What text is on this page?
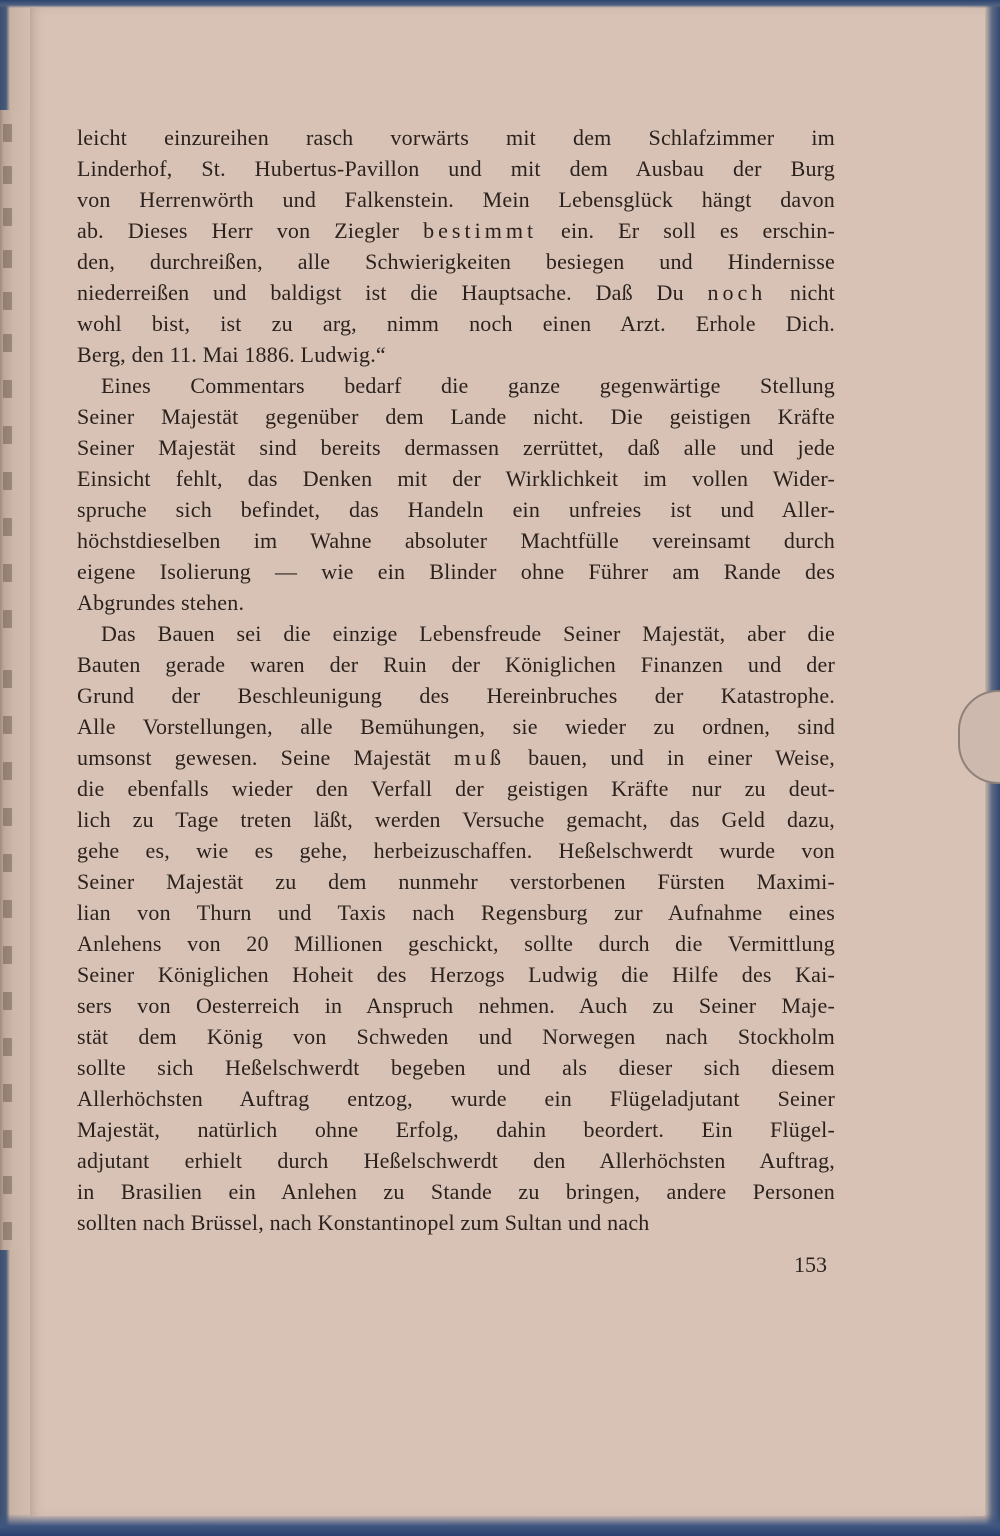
leicht einzureihen rasch vorwärts mit dem Schlafzimmer im
Linderhof, St. Hubertus-Pavillon und mit dem Ausbau der Burg
von Herrenwörth und Falkenstein. Mein Lebensglück hängt davon
ab. Dieses Herr von Ziegler bestimmt ein. Er soll es erschin-
den, durchreißen, alle Schwierigkeiten besiegen und Hindernisse
niederreißen und baldigst ist die Hauptsache. Daß Du noch nicht
wohl bist, ist zu arg, nimm noch einen Arzt. Erhole Dich.
Berg, den 11. Mai 1886. Ludwig.“
Eines Commentars bedarf die ganze gegenwärtige Stellung
Seiner Majestät gegenüber dem Lande nicht. Die geistigen Kräfte
Seiner Majestät sind bereits dermassen zerrüttet, daß alle und jede
Einsicht fehlt, das Denken mit der Wirklichkeit im vollen Wider-
spruche sich befindet, das Handeln ein unfreies ist und Aller-
höchstdieselben im Wahne absoluter Machtfülle vereinsamt durch
eigene Isolierung — wie ein Blinder ohne Führer am Rande des
Abgrundes stehen.
Das Bauen sei die einzige Lebensfreude Seiner Majestät, aber die
Bauten gerade waren der Ruin der Königlichen Finanzen und der
Grund der Beschleunigung des Hereinbruches der Katastrophe.
Alle Vorstellungen, alle Bemühungen, sie wieder zu ordnen, sind
umsonst gewesen. Seine Majestät muß bauen, und in einer Weise,
die ebenfalls wieder den Verfall der geistigen Kräfte nur zu deut-
lich zu Tage treten läßt, werden Versuche gemacht, das Geld dazu,
gehe es, wie es gehe, herbeizuschaffen. Heßelschwerdt wurde von
Seiner Majestät zu dem nunmehr verstorbenen Fürsten Maximi-
lian von Thurn und Taxis nach Regensburg zur Aufnahme eines
Anlehens von 20 Millionen geschickt, sollte durch die Vermittlung
Seiner Königlichen Hoheit des Herzogs Ludwig die Hilfe des Kai-
sers von Oesterreich in Anspruch nehmen. Auch zu Seiner Maje-
stät dem König von Schweden und Norwegen nach Stockholm
sollte sich Heßelschwerdt begeben und als dieser sich diesem
Allerhöchsten Auftrag entzog, wurde ein Flügeladjutant Seiner
Majestät, natürlich ohne Erfolg, dahin beordert. Ein Flügel-
adjutant erhielt durch Heßelschwerdt den Allerhöchsten Auftrag,
in Brasilien ein Anlehen zu Stande zu bringen, andere Personen
sollten nach Brüssel, nach Konstantinopel zum Sultan und nach
153
